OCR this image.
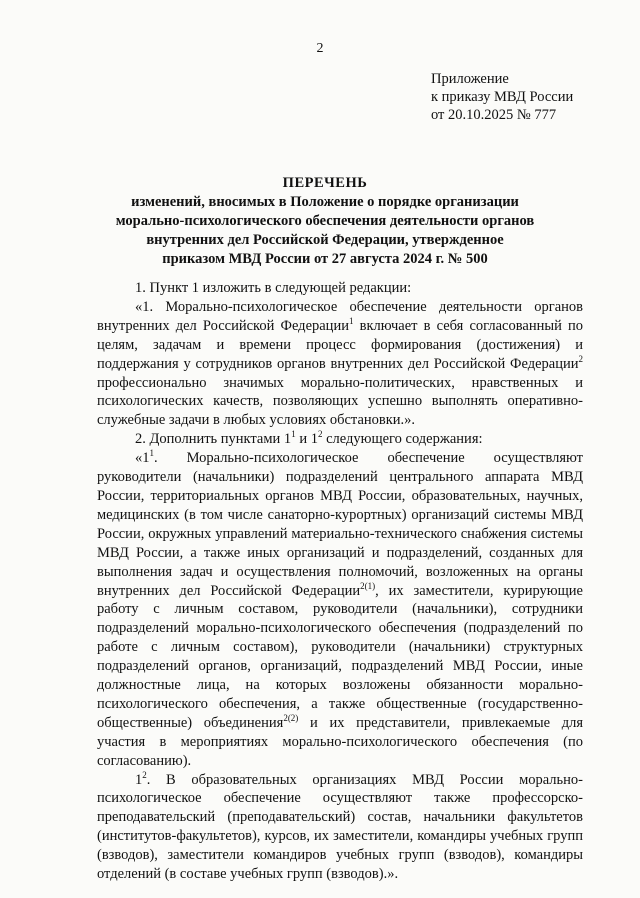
2
Приложение
к приказу МВД России
от 20.10.2025 № 777
ПЕРЕЧЕНЬ
изменений, вносимых в Положение о порядке организации
морально-психологического обеспечения деятельности органов
внутренних дел Российской Федерации, утвержденное
приказом МВД России от 27 августа 2024 г. № 500

1. Пункт 1 изложить в следующей редакции:

«1. Морально-психологическое обеспечение деятельности органов внутренних дел Российской Федерации$^1$ включает в себя согласованный по целям, задачам и времени процесс формирования (достижения) и поддержания у сотрудников органов внутренних дел Российской Федерации$^2$ профессионально значимых морально-политических, нравственных и психологических качеств, позволяющих успешно выполнять оперативно-служебные задачи в любых условиях обстановки.».

2. Дополнить пунктами $1^1$ и $1^2$ следующего содержания:

«$1^1$. Морально-психологическое обеспечение осуществляют руководители (начальники) подразделений центрального аппарата МВД России, территориальных органов МВД России, образовательных, научных, медицинских (в том числе санаторно-курортных) организаций системы МВД России, окружных управлений материально-технического снабжения системы МВД России, а также иных организаций и подразделений, созданных для выполнения задач и осуществления полномочий, возложенных на органы внутренних дел Российской Федерации$^{2(1)}$, их заместители, курирующие работу с личным составом, руководители (начальники), сотрудники подразделений морально-психологического обеспечения (подразделений по работе с личным составом), руководители (начальники) структурных подразделений органов, организаций, подразделений МВД России, иные должностные лица, на которых возложены обязанности морально-психологического обеспечения, а также общественные (государственно-общественные) объединения$^{2(2)}$ и их представители, привлекаемые для участия в мероприятиях морально-психологического обеспечения (по согласованию).

$1^2$. В образовательных организациях МВД России морально-психологическое обеспечение осуществляют также профессорско-преподавательский (преподавательский) состав, начальники факультетов (институтов-факультетов), курсов, их заместители, командиры учебных групп (взводов), заместители командиров учебных групп (взводов), командиры отделений (в составе учебных групп (взводов).».
